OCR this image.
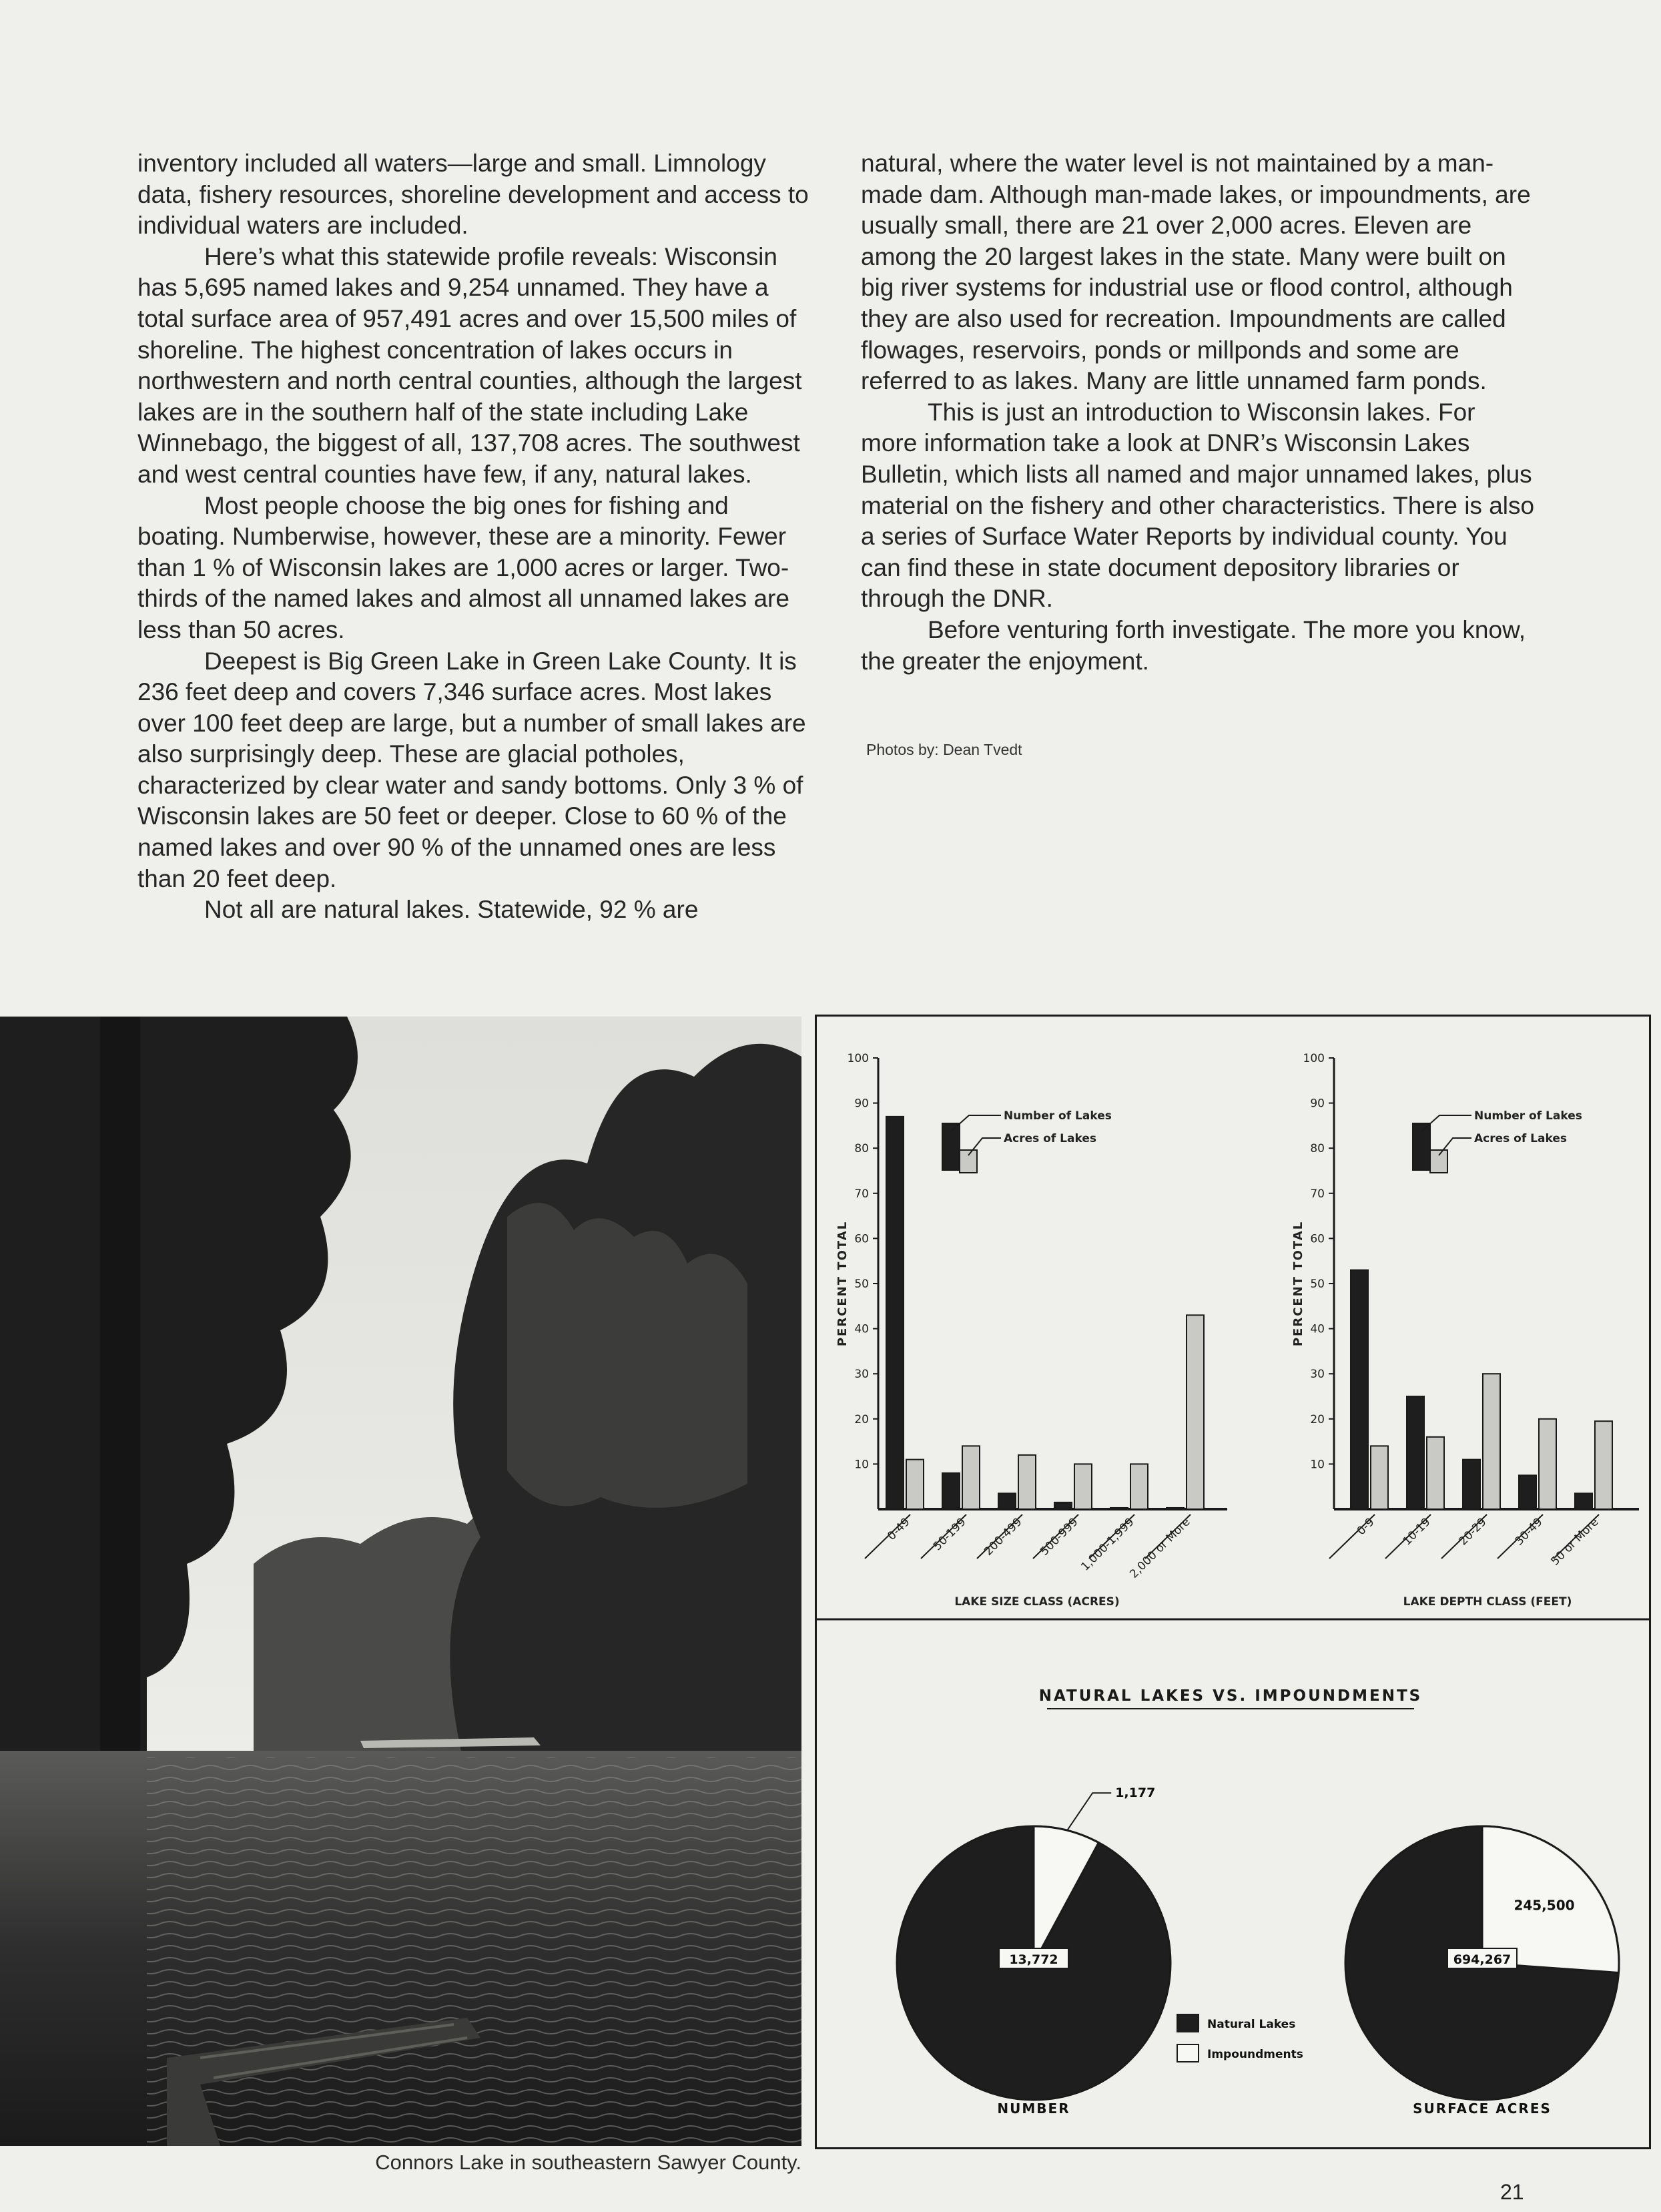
inventory included all waters—large and small. Limnology data, fishery resources, shoreline development and access to individual waters are included.

Here’s what this statewide profile reveals: Wisconsin has 5,695 named lakes and 9,254 unnamed. They have a total surface area of 957,491 acres and over 15,500 miles of shoreline. The highest concentration of lakes occurs in northwestern and north central counties, although the largest lakes are in the southern half of the state including Lake Winnebago, the biggest of all, 137,708 acres. The southwest and west central counties have few, if any, natural lakes.

Most people choose the big ones for fishing and boating. Numberwise, however, these are a minority. Fewer than 1 % of Wisconsin lakes are 1,000 acres or larger. Two-thirds of the named lakes and almost all unnamed lakes are less than 50 acres.

Deepest is Big Green Lake in Green Lake County. It is 236 feet deep and covers 7,346 surface acres. Most lakes over 100 feet deep are large, but a number of small lakes are also surprisingly deep. These are glacial potholes, characterized by clear water and sandy bottoms. Only 3 % of Wisconsin lakes are 50 feet or deeper. Close to 60 % of the named lakes and over 90 % of the unnamed ones are less than 20 feet deep.

Not all are natural lakes. Statewide, 92 % are

natural, where the water level is not maintained by a man-made dam. Although man-made lakes, or impoundments, are usually small, there are 21 over 2,000 acres. Eleven are among the 20 largest lakes in the state. Many were built on big river systems for industrial use or flood control, although they are also used for recreation. Impoundments are called flowages, reservoirs, ponds or millponds and some are referred to as lakes. Many are little unnamed farm ponds.

This is just an introduction to Wisconsin lakes. For more information take a look at DNR’s Wisconsin Lakes Bulletin, which lists all named and major unnamed lakes, plus material on the fishery and other characteristics. There is also a series of Surface Water Reports by individual county. You can find these in state document depository libraries or through the DNR.

Before venturing forth investigate. The more you know, the greater the enjoyment.

Photos by: Dean Tvedt
Connors Lake in southeastern Sawyer County.
10
20
30
40
50
60
70
80
90
100
PERCENT TOTAL
0-49 50-199 200-499 500-999
1,000-1,999
2,000 or More
LAKE SIZE CLASS (ACRES)
Number of Lakes
Acres of Lakes
10
20
30
40
50
60
70
80
90
100
PERCENT TOTAL
0-9 10-19 20-29 30-49 50 or More
LAKE DEPTH CLASS (FEET)
Number of Lakes
Acres of Lakes
NATURAL LAKES VS. IMPOUNDMENTS
13,772
1,177
NUMBER
694,267
245,500
SURFACE ACRES
Natural Lakes
Impoundments
21
